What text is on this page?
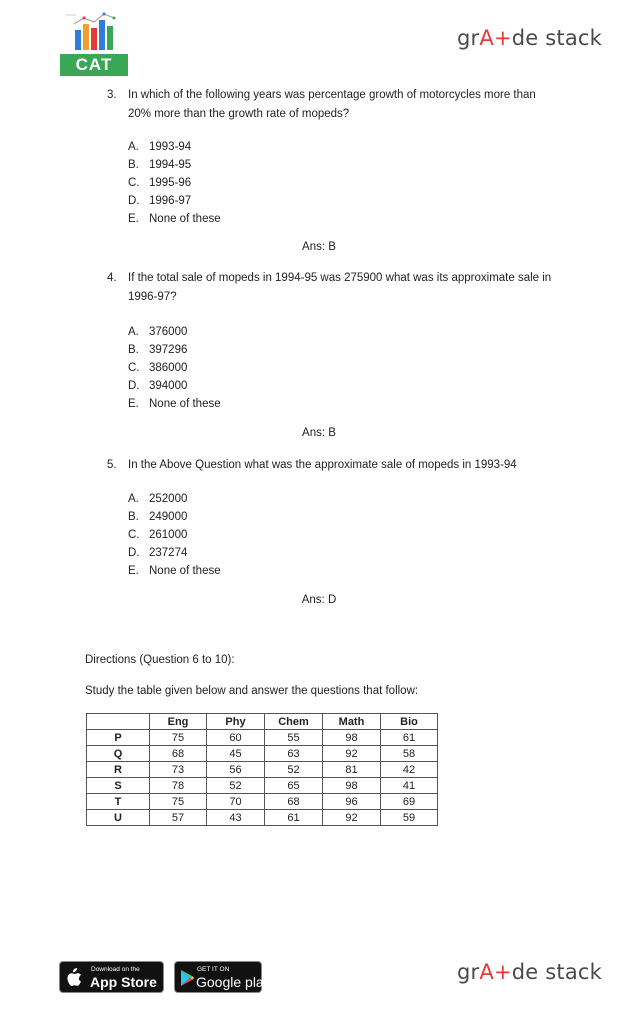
CAT
grA+de stack
3. In which of the following years was percentage growth of motorcycles more than 20% more than the growth rate of mopeds?
A. 1993-94
B. 1994-95
C. 1995-96
D. 1996-97
E. None of these
Ans: B
4. If the total sale of mopeds in 1994-95 was 275900 what was its approximate sale in 1996-97?
A. 376000
B. 397296
C. 386000
D. 394000
E. None of these
Ans: B
5. In the Above Question what was the approximate sale of mopeds in 1993-94
A. 252000
B. 249000
C. 261000
D. 237274
E. None of these
Ans: D
Directions (Question 6 to 10):
Study the table given below and answer the questions that follow:
	Eng	Phy	Chem	Math	Bio
P	75	60	55	98	61
Q	68	45	63	92	58
R	73	56	52	81	42
S	78	52	65	98	41
T	75	70	68	96	69
U	57	43	61	92	59
Download on the
App Store
GET IT ON
Google play	grA+de stack
